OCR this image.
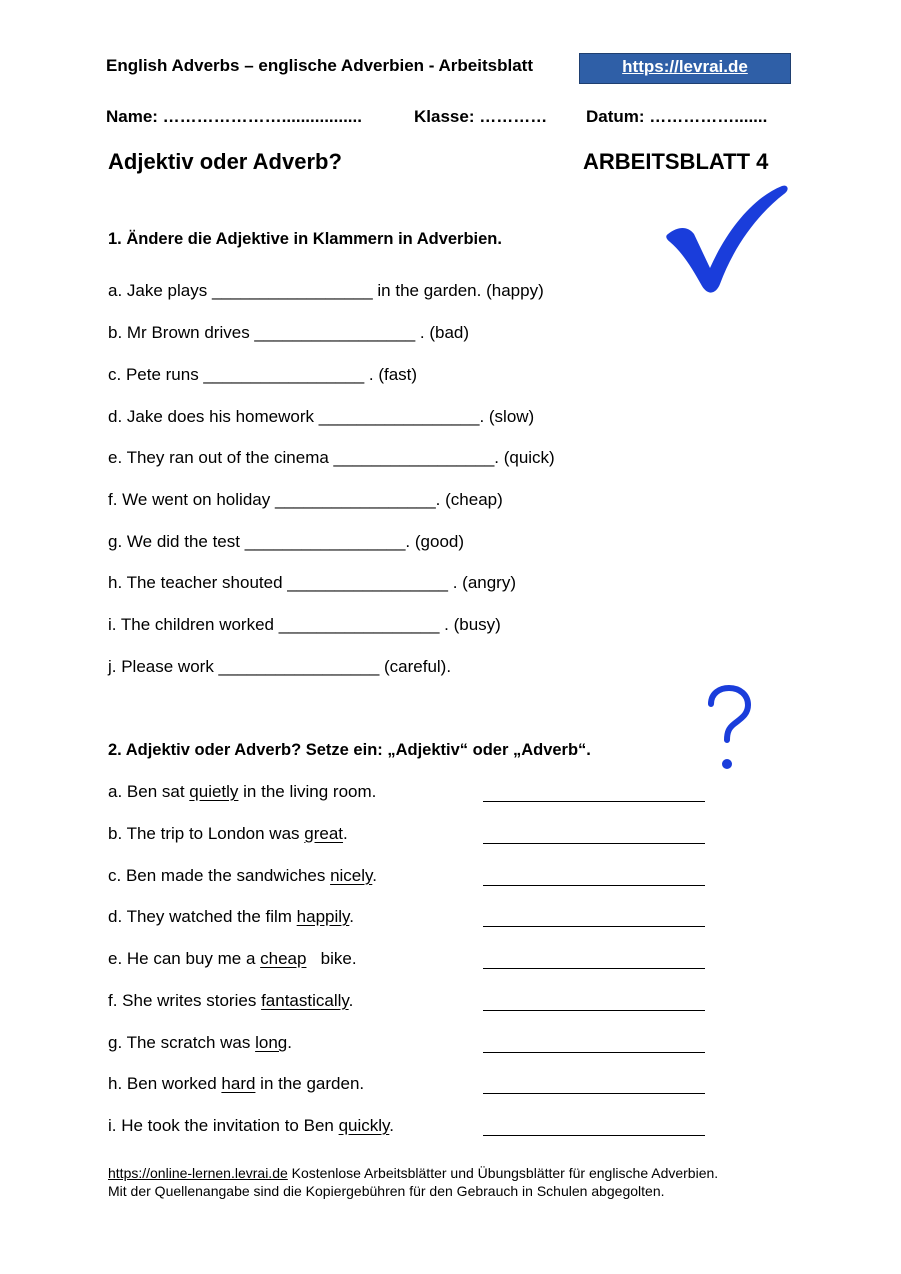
English Adverbs – englische Adverbien - Arbeitsblatt	https://levrai.de
Name: ………………….................	Klasse: ………… Datum: …………….......
Adjektiv oder Adverb?	ARBEITSBLATT 4
1. Ändere die Adjektive in Klammern in Adverbien.
a. Jake plays _________________ in the garden. (happy)
b. Mr Brown drives _________________ . (bad)
c. Pete runs _________________ . (fast)
d. Jake does his homework _________________. (slow)
e. They ran out of the cinema _________________. (quick)
f. We went on holiday _________________. (cheap)
g. We did the test _________________. (good)
h. The teacher shouted _________________ . (angry)
i. The children worked _________________ . (busy)
j. Please work _________________ (careful).
2. Adjektiv oder Adverb? Setze ein: „Adjektiv“ oder „Adverb“.
a. Ben sat quietly in the living room.
b. The trip to London was great.
c. Ben made the sandwiches nicely.
d. They watched the film happily.
e. He can buy me a cheap   bike.
f. She writes stories fantastically.
g. The scratch was long.
h. Ben worked hard in the garden.
i. He took the invitation to Ben quickly.
https://online-lernen.levrai.de Kostenlose Arbeitsblätter und Übungsblätter für englische Adverbien.
Mit der Quellenangabe sind die Kopiergebühren für den Gebrauch in Schulen abgegolten.
